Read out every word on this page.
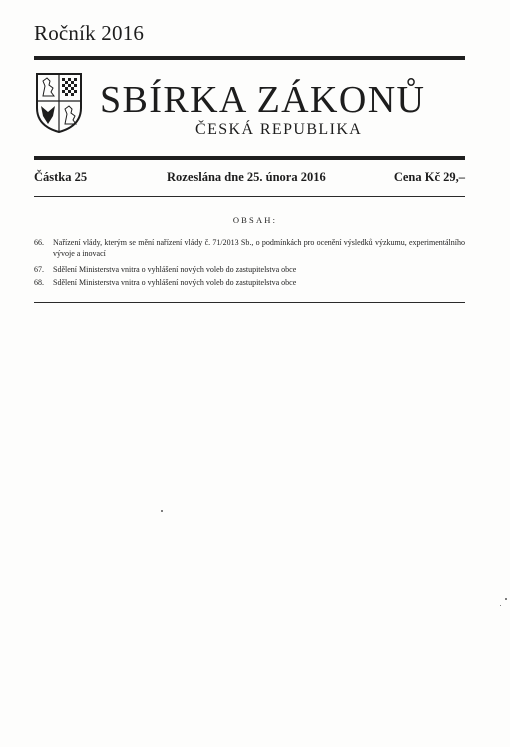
Ročník 2016
SBÍRKA ZÁKONŮ
ČESKÁ REPUBLIKA
Částka 25	Rozeslána dne 25. února 2016	Cena Kč 29,–
OBSAH:
66.	Nařízení vlády, kterým se mění nařízení vlády č. 71/2013 Sb., o podmínkách pro ocenění výsledků výzkumu, experimentálního vývoje a inovací
67.	Sdělení Ministerstva vnitra o vyhlášení nových voleb do zastupitelstva obce
68.	Sdělení Ministerstva vnitra o vyhlášení nových voleb do zastupitelstva obce
